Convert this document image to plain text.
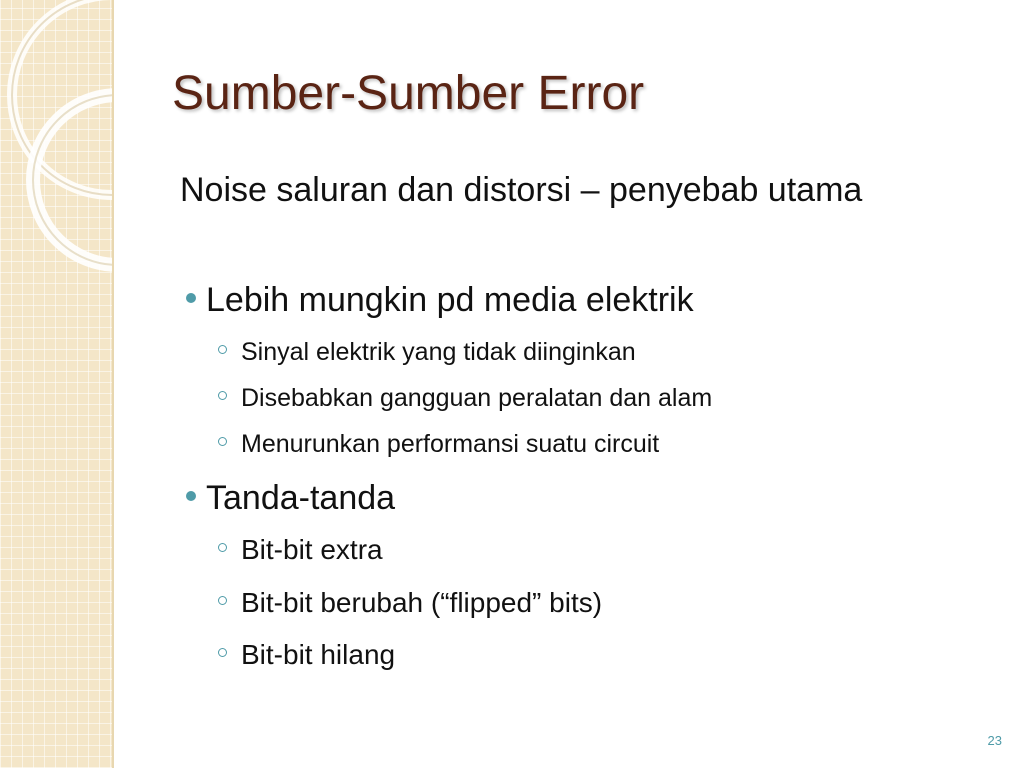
Sumber-Sumber Error

Noise saluran dan distorsi – penyebab utama

Lebih mungkin pd media elektrik

Sinyal elektrik yang tidak diinginkan

Disebabkan gangguan peralatan dan alam

Menurunkan performansi suatu circuit

Tanda-tanda

Bit-bit extra

Bit-bit berubah (“flipped” bits)

Bit-bit hilang

23
